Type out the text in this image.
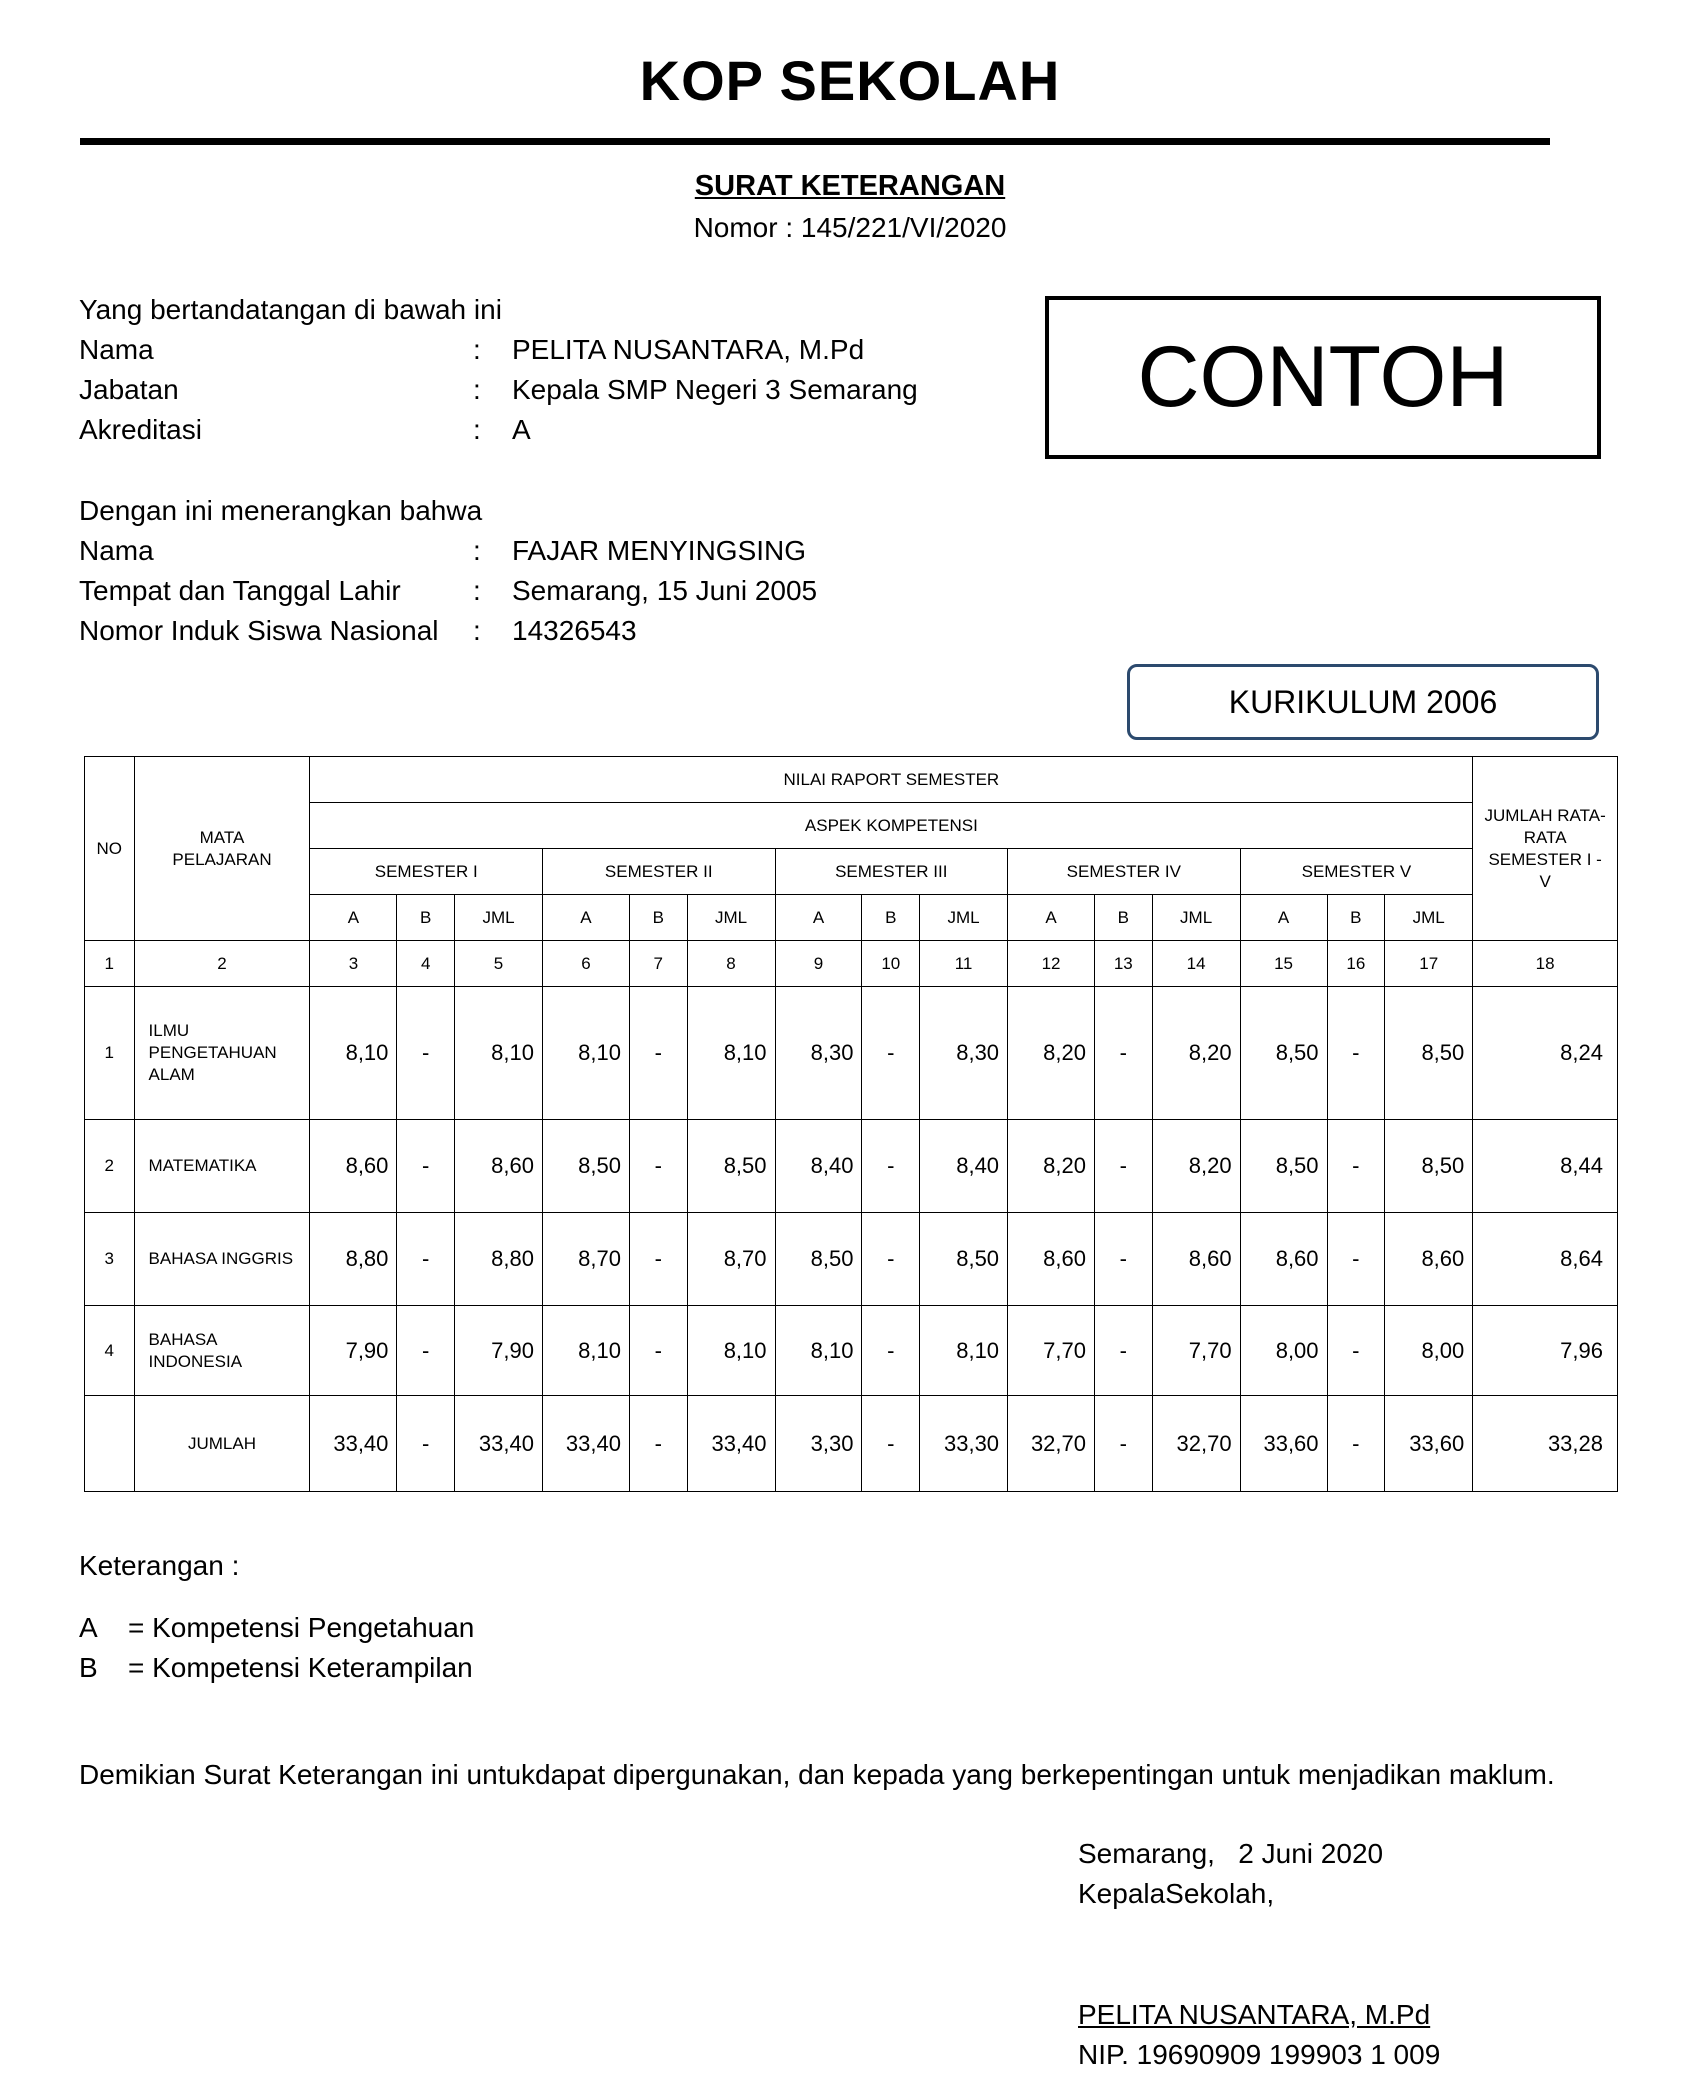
KOP SEKOLAH
SURAT KETERANGAN
Nomor : 145/221/VI/2020
Yang bertandatangan di bawah ini
Nama	: PELITA NUSANTARA, M.Pd
Jabatan	: Kepala SMP Negeri 3 Semarang
Akreditasi	: A
CONTOH
Dengan ini menerangkan bahwa
Nama	: FAJAR MENYINGSING
Tempat dan Tanggal Lahir	: Semarang, 15 Juni 2005
Nomor Induk Siswa Nasional : 14326543
KURIKULUM 2006
NO	MATA PELAJARAN	NILAI RAPORT SEMESTER															JUMLAH RATA-RATA SEMESTER I - V
		ASPEK KOMPETENSI															
		SEMESTER I			SEMESTER II			SEMESTER III			SEMESTER IV			SEMESTER V			
		A	B	JML	A	B	JML	A	B	JML	A	B	JML	A	B	JML	
1	2	3	4	5	6	7	8	9	10	11	12	13	14	15	16	17	18
1	ILMU PENGETAHUAN ALAM	8,10	-	8,10	8,10	-	8,10	8,30	-	8,30	8,20	-	8,20	8,50	-	8,50	8,24
2	MATEMATIKA	8,60	-	8,60	8,50	-	8,50	8,40	-	8,40	8,20	-	8,20	8,50	-	8,50	8,44
3	BAHASA INGGRIS	8,80	-	8,80	8,70	-	8,70	8,50	-	8,50	8,60	-	8,60	8,60	-	8,60	8,64
4	BAHASA INDONESIA	7,90	-	7,90	8,10	-	8,10	8,10	-	8,10	7,70	-	7,70	8,00	-	8,00	7,96
	JUMLAH	33,40	-	33,40	33,40	-	33,40	3,30	-	33,30	32,70	-	32,70	33,60	-	33,60	33,28
Keterangan :
A = Kompetensi Pengetahuan
B = Kompetensi Keterampilan
Demikian Surat Keterangan ini untukdapat dipergunakan, dan kepada yang berkepentingan untuk menjadikan maklum.
Semarang,   2 Juni 2020
KepalaSekolah,
PELITA NUSANTARA, M.Pd
NIP. 19690909 199903 1 009
